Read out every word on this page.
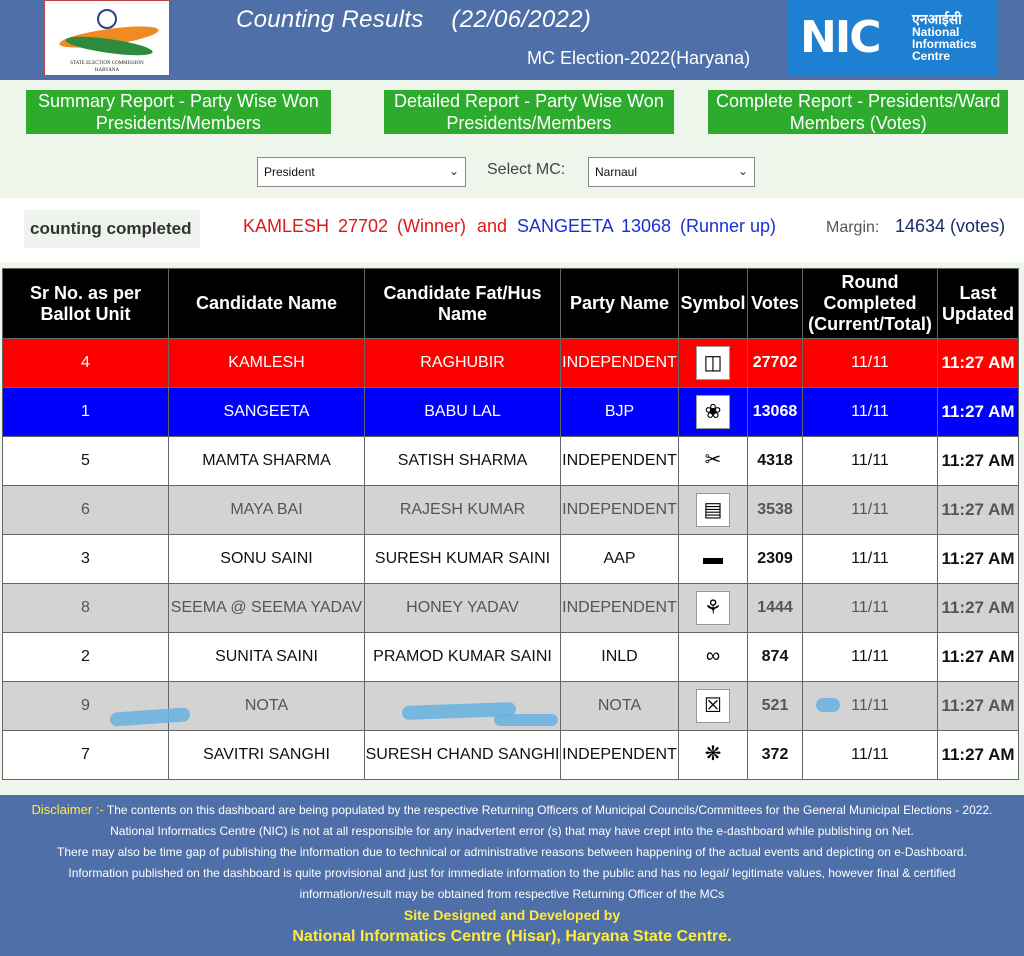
STATE ELECTION COMMISSION
HARYANA
Counting Results    (22/06/2022)
MC Election-2022(Haryana) NIC एनआईसी
National Informatics Centre
Summary Report - Party Wise Won
Presidents/Members
Detailed Report - Party Wise Won
Presidents/Members
Complete Report - Presidents/Ward
Members (Votes)
President	⌄ Select MC:	Narnaul	⌄
counting completed	KAMLESH 27702 (Winner) and SANGEETA 13068 (Runner up)	Margin: 14634 (votes)
Sr No. as per Ballot Unit	Candidate Name	Candidate Fat/Hus Name	Party Name	Symbol	Votes	Round Completed (Current/Total)	Last Updated
4	KAMLESH	RAGHUBIR	INDEPENDENT	◫	27702	11/11	11:27 AM
1	SANGEETA	BABU LAL	BJP	❀	13068	11/11	11:27 AM
5	MAMTA SHARMA	SATISH SHARMA	INDEPENDENT	✂	4318	11/11	11:27 AM
6	MAYA BAI	RAJESH KUMAR	INDEPENDENT	▤	3538	11/11	11:27 AM
3	SONU SAINI	SURESH KUMAR SAINI	AAP	▬	2309	11/11	11:27 AM
8	SEEMA @ SEEMA YADAV	HONEY YADAV	INDEPENDENT	⚘	1444	11/11	11:27 AM
2	SUNITA SAINI	PRAMOD KUMAR SAINI	INLD	∞	874	11/11	11:27 AM
9	NOTA		NOTA	☒	521	11/11	11:27 AM
7	SAVITRI SANGHI	SURESH CHAND SANGHI	INDEPENDENT	❋	372	11/11	11:27 AM
Disclaimer :- The contents on this dashboard are being populated by the respective Returning Officers of Municipal Councils/Committees for the General Municipal Elections - 2022.
National Informatics Centre (NIC) is not at all responsible for any inadvertent error (s) that may have crept into the e-dashboard while publishing on Net.
There may also be time gap of publishing the information due to technical or administrative reasons between happening of the actual events and depicting on e-Dashboard.
Information published on the dashboard is quite provisional and just for immediate information to the public and has no legal/ legitimate values, however final & certified
information/result may be obtained from respective Returning Officer of the MCs
Site Designed and Developed by
National Informatics Centre (Hisar), Haryana State Centre.
